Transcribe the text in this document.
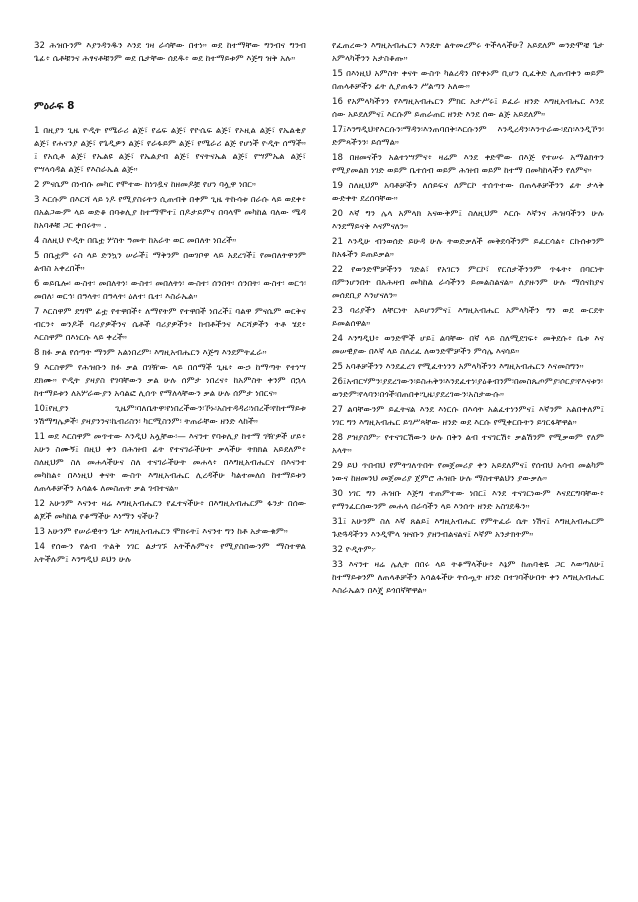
32 ሕዝቡንም እያንዳንዱን እንደ ገዛ ራሳቸው በተነ። ወደ ከተማቸው ግንብና ግንብ ጌፊ፥ ሴቶቹንና ሕፃናቶቹንም ወደ ቤታቸው ሰደዱ፥ ወደ ከተማይቱም እጅግ ዝቅ አሉ።

ምዕራፍ 8

1 በዚያን ጊዜ ዮዲት የሜራሪ ልጅ፣ የሬፍ ልጅ፣ የዮሴፍ ልጅ፣ የኦዚል ልጅ፣ የኤልቂያ ልጅ፣ የሐናንያ ልጅ፣ የጌዲዎን ልጅ፣ የራፋይም ልጅ፣ የሜራሪ ልጅ የሆነች ዮዲት ሰማች። ፤ የአሲቶ ልጅ፣ የኤልዩ ልጅ፣ የኤልያብ ልጅ፣ የናትናኤል ልጅ፣ የሣምኤል ልጅ፣ የሣላሳዳል ልጅ፣ የእስራኤል ልጅ።

2 ምናሴም በነብሱ መካር የሞተው ከነገዷና ከዘመዶቿ የሆነ ባሏዋ ነበር።

3 እርሱም በእርሻ ላይ ነዶ የሚያስሩትን ሲጠብቅ በቀም ጊዜ ትኩሳቱ በራሱ ላይ ወደቀ፥ በአልጋውም ላይ ወድቆ በባቱሊያ ከተማሞተ፤ በዶታይምና በባላሞ መካከል ባለው ሜዳ ከአባቶቹ ጋር ቀበሩት። .

4 ስለዚህ ዮዲት በቤቷ ሦስት ዓመት ከአራት ወር መበለት ነበረች።

5 በቤቷም ሩስ ላይ ድንኳን ሠራች፤ ማቅንም በወገቦዋ ላይ አደረገች፤ የመበለትዋንም ልብስ አቀረበች።

6 ወይቤሎ፡ ውስተ፡ መበለትነ፡ ውስተ፡ መበለትነ፡ ውስተ፡ ሰንበት፡ ሰንበት፡ ውስተ፡ ወርኅ፡ መበለ፡ ወርኅ፡ በዓላት፡ በዓላት፡ ዕለተ፡ ቤተ፡ እስራኤል።

7 እርስዋም ደግሞ ፊቷ የተዋበች፥ ለማየትም የተዋበች ነበረች፤ ባልዋ ምናሴም ወርቅና ብርን፥ ወንዶች ባሪያዎችንና ሴቶች ባሪያዎችን፥ ከብቶችንና እርሻዎችን ትቶ ሄደ፥ እርስዋም በእነርሱ ላይ ቀረች።

8 ክፉ ቃል የሰጣት ማንም አልነበረም፡ እግዚአብሔርን እጅግ እንደምትፈራ።

9 እርስዋም የሕዝቡን ክፉ ቃል በገዥው ላይ በሰማች ጊዜ፥ ውኃ ከማጣት የተነሣ ደክሙ። ዮዲት ያዛያስ የገባቸውን ቃል ሁሉ ሰምታ ነበረና፥ ከአምስት ቀንም በኋላ ከተማይቱን ለአሦራውያን አሳልፎ ሊሰጥ የማለላቸውን ቃል ሁሉ ሰምታ ነበርና።

10፤የዚያን ጊዜም፡ባለቤትዋ፡የነበረችውን፡ኾኑ፡አስተዳዳሪ፡ነበረች፡የከተማይቱ ንሽማግሌዎች፡ ያዛያንንና፡ኬብሪስን፡ ካርሚስንም፡ ትጠራቸው ዘንድ ላከች።

11 ወደ እርስዋም መጥተው እንዲህ አሏቸው፡— እናንተ የባቱሊያ ከተማ ገዥዎች ሆይ፥ አሁን ስሙኝ፤ በዚህ ቀን በሕዝብ ፊት የተናገራችሁት ቃላችሁ ትክክል አይደለም፥ ስለዚህም ስለ መሐላችሁና ስለ ተናገራችሁት መሐላ፥ በእግዚአብሔርና በእናንተ መካከል፥ በእነዚህ ቀናት ውስጥ እግዚአብሔር ሊረዳችሁ ካልተመለሰ ከተማይቱን ለጠላቶቻችን አሳልፋ ለመስጠት ቃል ገብተናል።

12 አሁንም እናንተ ዛሬ እግዚአብሔርን የፈተናችሁ፥ በእግዚአብሔርም ፋንታ በሰው ልጆች መካከል የቆማችሁ እነማን ናችሁ?

13 አሁንም የሠራዊትን ጌታ እግዚአብሔርን ሞክሩት፤ እናንተ ግን ከቶ አታውቁም።

14 የሰውን የልብ ጥልቅ ነገር ልታገኙ አትችሉምና፥ የሚያስበውንም ማስተዋል አትችሉም፤ እንግዲህ ይህን ሁሉ

የፈጠረውን እግዚአብሔርን እንዴት ልትመረምሩ ትችላላችሁ? አይደለም ወንድሞቼ ጌታ አምላካችንን አታስቆጡ።

15 በእነዚህ አምስት ቀናት ውስጥ ካልረዳን በየቀኑም ቢሆን ሲፈቅድ ሊጠብቀን ወይም በጠላቶቻችን ፊት ሊያጠፋን ሥልጣን አለው።

16 የአምላካችንን የእግዚአብሔርን ምክር አታሥሩ፤ ይፈራ ዘንድ እግዚአብሔር እንደ ሰው አይደለምና፤ እርሱም ይጠራጠር ዘንድ እንደ ሰው ልጅ አይደለም።

17፤እንግዲህ፡የእርሱን፡ማዳን፡እንጠባበቅ፡እርሱንም እንዲረዳን፡እንጥራው፡ደስ፡እንዲኾን፡ድምጻችንን፡ ይሰማል።

18 በዘመናችን አልተነሣምና፥ ዛሬም እንደ ቀድሞው በእጅ የተሠሩ አማልክትን የሚያመልክ ነገድ ወይም ቤተሰብ ወይም ሕዝብ ወይም ከተማ በመካከላችን የለምና።

19 ስለዚህም አባቶቻችን ለሰይፍና ለምርኮ ተሰጥተው በጠላቶቻችንን ፊት ታላቅ ውድቀት ደረሰባቸው።

20 እኛ ግን ሌላ አምላክ አናውቅም፤ ስለዚህም እርሱ እኛንና ሕዝባችንን ሁሉ እንደማይናቅ እናምናለን።

21 እንዲሁ ብንወሰድ ይሁዳ ሁሉ ትወድቃለች መቅደሳችንም ይፈርሳል፥ ርኩሰቱንም ከአፋችን ይጠይቃል።

22 የወንድሞቻችንን ገድል፣ የአገርን ምርኮ፣ የርስታችንንም ጥፋት፥ በባርነት በምንሆንበት በአሕዛብ መካከል ራሳችንን ይመልስልናል። ለያዙንም ሁሉ ማሰናከያና መሰደቢያ እንሆናለን።

23 ባሪያችን ለቸርነት አይሆንምና፤ እግዚአብሔር አምላካችን ግን ወደ ውርደት ይመልሰዋል።

24 እንግዲህ፥ ወንድሞች ሆይ፤ ልባቸው በኛ ላይ ስለሚደገፍ፥ መቅደሱ፥ ቤቱ እና መሠዊያው በእኛ ላይ ስለረፈ ለወንድሞቻችን ምሳሌ እናሳይ።

25 አባቶቻችንን እንደፈረገ የሚፈትነንን አምላካችንን እግዚአብሔርን እናመስግን።

26፤አብርሃምን፡ያደረገውን፡ይስሐቅን፡እንደፈተነ፡ያዕቆብንም፡በመስጴጦምያ፡ሶርያ፡የእናቱን፡ወንድም፡የላባን፡በጎች፡በጠበቀ፡ጊዜ፡ያደረገውን፡አስታውሱ።

27 ልባቸውንም ይፈትናል እንደ እነርሱ በእሳት አልፈተነንምና፤ እኛንም አልበቀለም፤ ነገር ግን እግዚአብሔር ይገሥጻቸው ዘንድ ወደ እርሱ የሚቀርቡትን ይገርፋቸዋል።

28 ዖዝያስም፦ የተናገርሽውን ሁሉ በቅን ልብ ተናገርሽ፥ ቃልሽንም የሚቃወም የለም አላት።

29 ይህ ጥበብህ የምትገለጥበት የመጀመሪያ ቀን አይደለምና፤ የሰብህ አሳብ መልካም ነውና ከዘመንህ መጀመሪያ ጀምሮ ሕዝቡ ሁሉ ማስተዋልህን ያውቃሉ።

30 ነገር ግን ሕዝቡ እጅግ ተጠምተው ነበር፤ እንደ ተናገርነውም እናደርግባቸው፥ የማንፈርሰውንም መሐላ በራሳችን ላይ እንሰጥ ዘንድ አስገደዱን።

31፤ አሁንም ስለ እኛ ጸልይ፤ እግዚአብሔር የምትፈራ ሴት ነሽና፤ እግዚአብሔርም ጉድጓዳችንን እንዲሞላ ዝናቡን ያዘንብልናልና፤ እኛም አንታክትም።

32 ዮዲትም፦

33 እናንተ ዛሬ ሌሊት በበሩ ላይ ትቆማላችሁ፥ እኔም ከጠባቂዬ ጋር እወጣለሁ፤ ከተማይቱንም ለጠላቶቻችን አሳልፋችሁ ትሰጧት ዘንድ በተገባችሁበት ቀን እግዚአብሔር እስራኤልን በእጄ ይጎበኛቸዋል።
